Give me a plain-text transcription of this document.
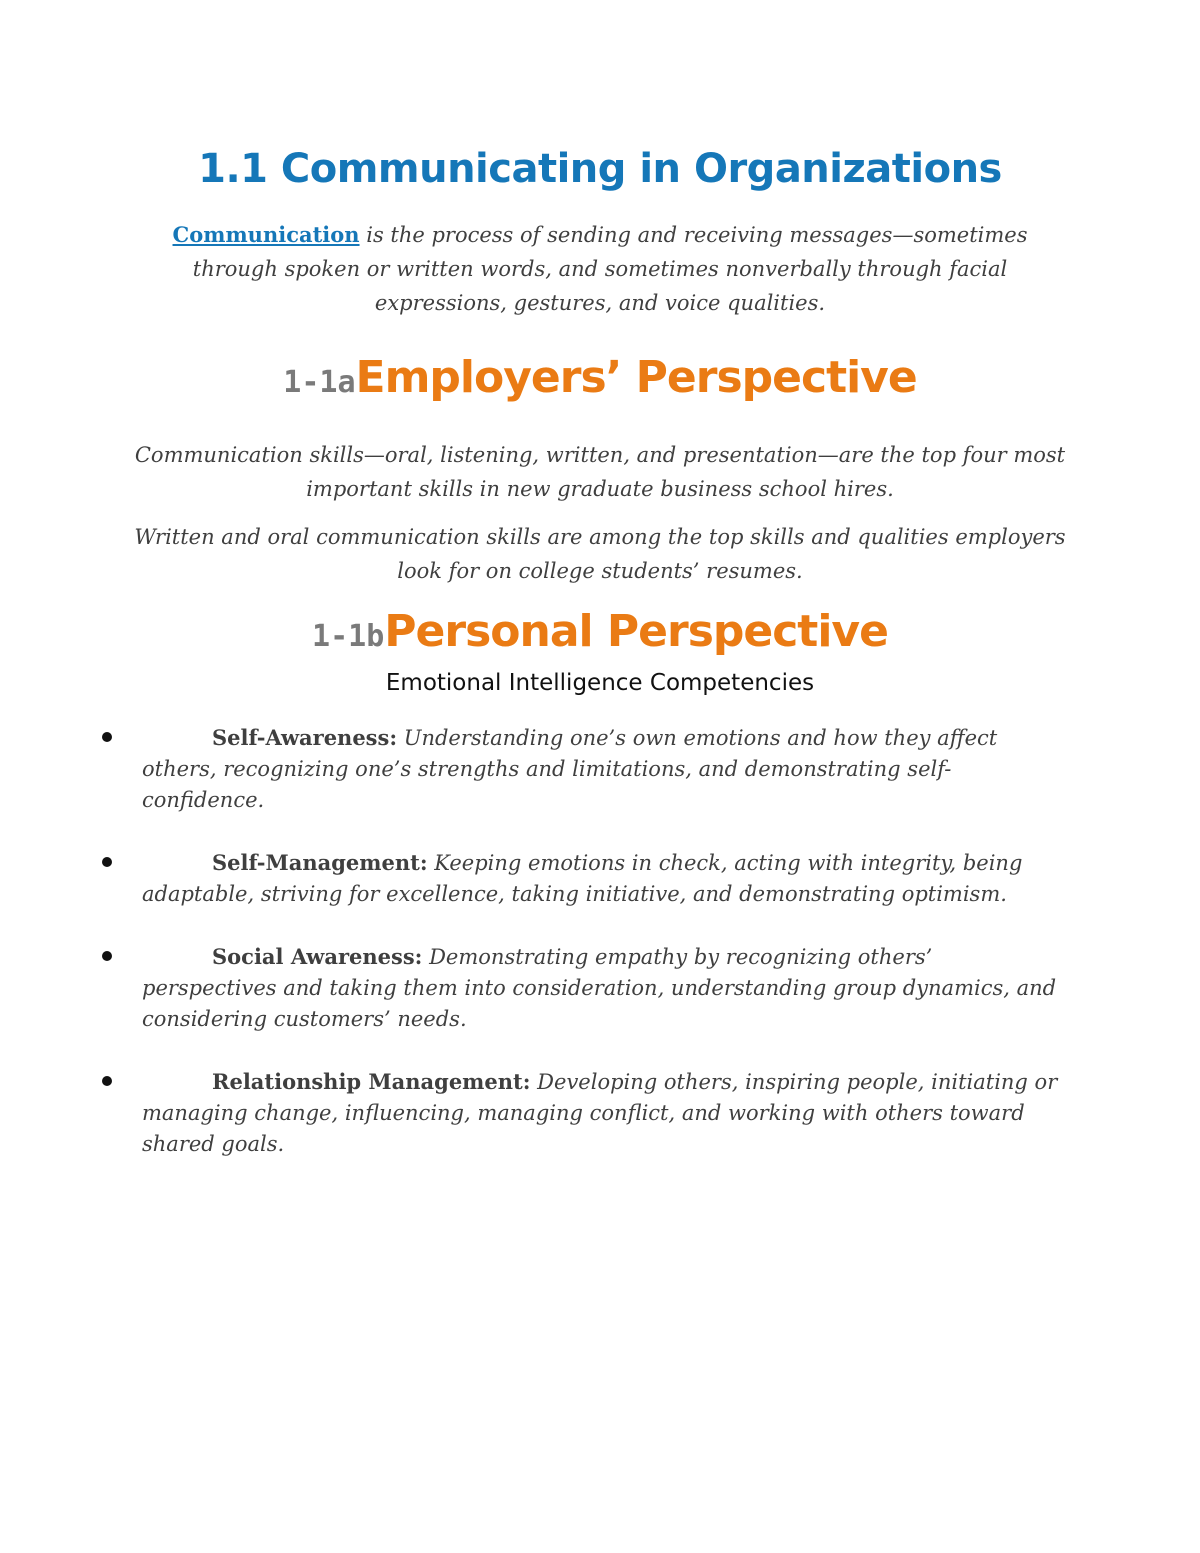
1.1 Communicating in Organizations

Communication is the process of sending and receiving messages—sometimes through spoken or written words, and sometimes nonverbally through facial expressions, gestures, and voice qualities.

1-1aEmployers’ Perspective

Communication skills—oral, listening, written, and presentation—are the top four most important skills in new graduate business school hires.

Written and oral communication skills are among the top skills and qualities employers look for on college students’ resumes.

1-1bPersonal Perspective

Emotional Intelligence Competencies

Self-Awareness: Understanding one’s own emotions and how they affect others, recognizing one’s strengths and limitations, and demonstrating self-confidence.
Self-Management: Keeping emotions in check, acting with integrity, being adaptable, striving for excellence, taking initiative, and demonstrating optimism.
Social Awareness: Demonstrating empathy by recognizing others’ perspectives and taking them into consideration, understanding group dynamics, and considering customers’ needs.
Relationship Management: Developing others, inspiring people, initiating or managing change, influencing, managing conflict, and working with others toward shared goals.
